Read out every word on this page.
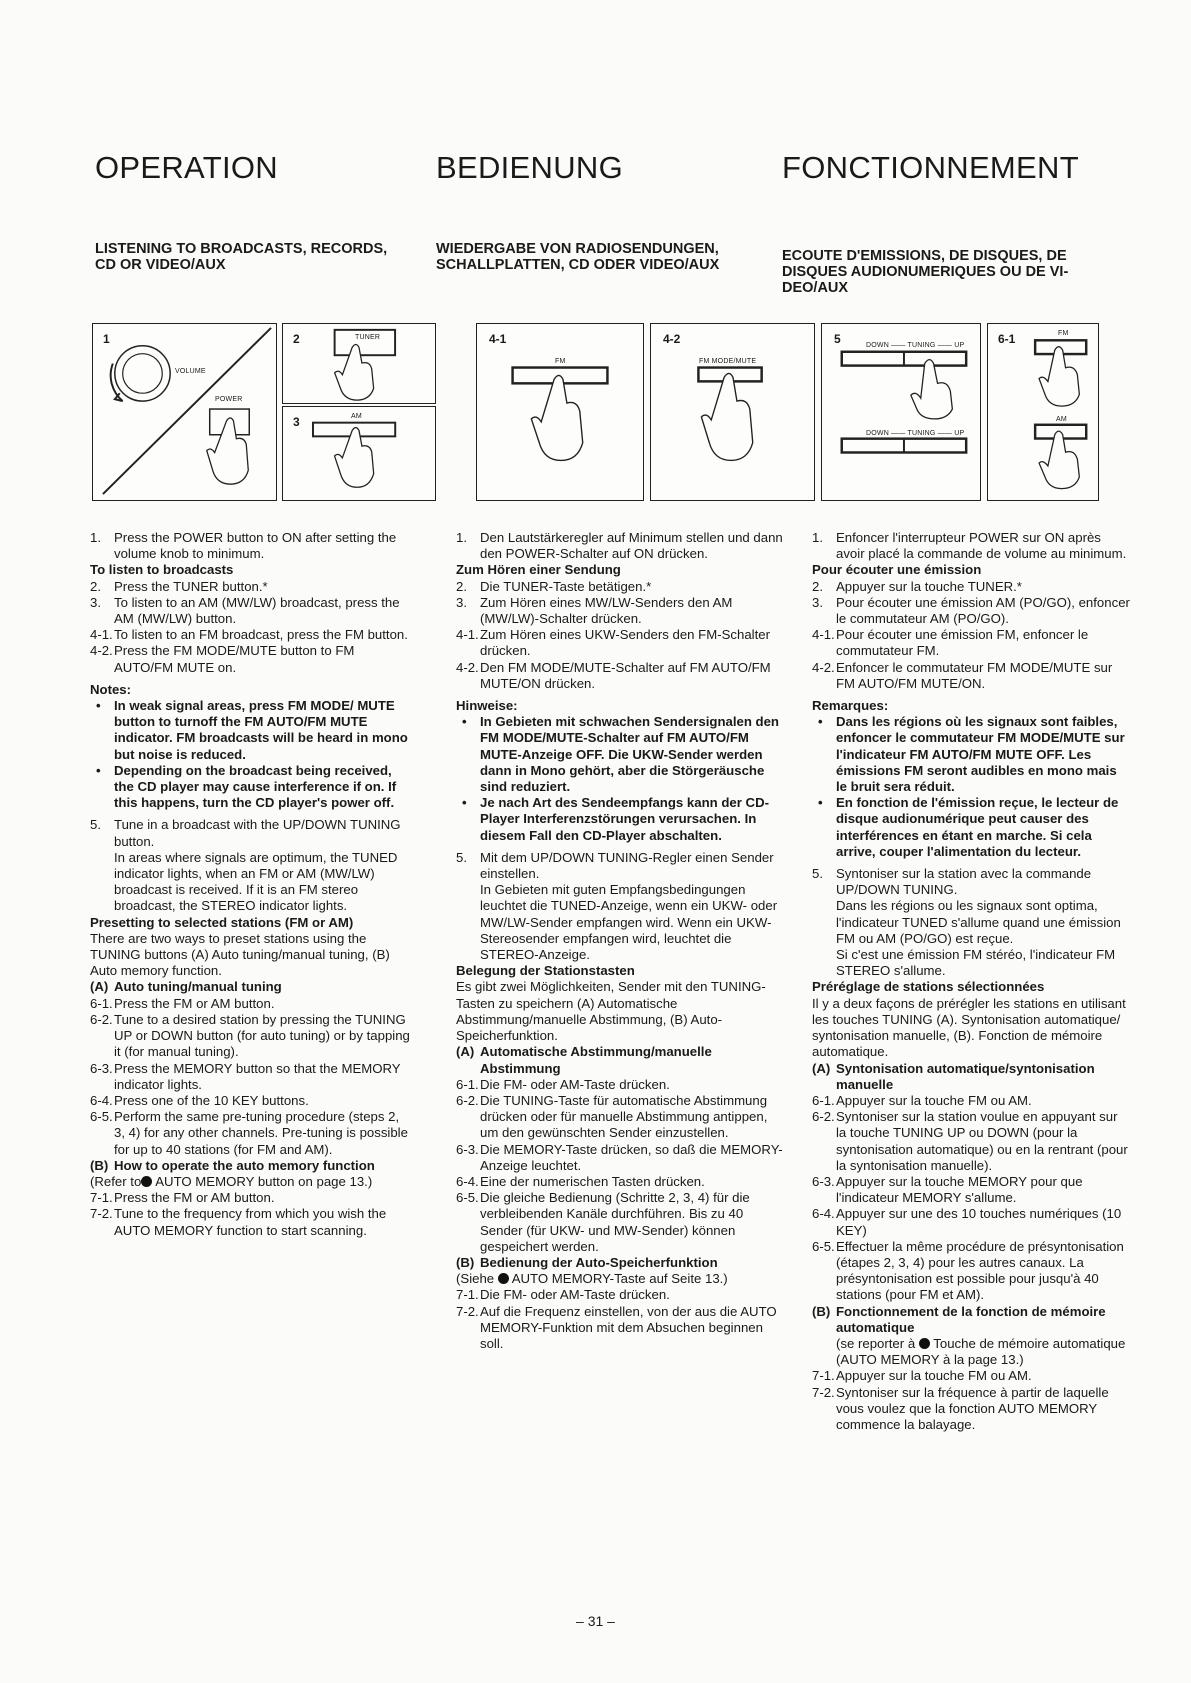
OPERATION	BEDIENUNG	FONCTIONNEMENT
LISTENING TO BROADCASTS, RECORDS,
CD OR VIDEO/AUX
WIEDERGABE VON RADIOSENDUNGEN,
SCHALLPLATTEN, CD ODER VIDEO/AUX
ECOUTE D'EMISSIONS, DE DISQUES, DE
DISQUES AUDIONUMERIQUES OU DE VI-
DEO/AUX
1
VOLUME
POWER
2	TUNER
3	AM
4-1
FM
4-2
FM MODE/MUTE
5	DOWN —— TUNING —— UP
DOWN —— TUNING —— UP
6-1	FM
AM
1. Press the POWER button to ON after setting the volume knob to minimum.
To listen to broadcasts
2. Press the TUNER button.*
3. To listen to an AM (MW/LW) broadcast, press the AM (MW/LW) button.
4-1. To listen to an FM broadcast, press the FM button.
4-2. Press the FM MODE/MUTE button to FM AUTO/FM MUTE on.
Notes:
• In weak signal areas, press FM MODE/ MUTE button to turnoff the FM AUTO/FM MUTE indicator. FM broadcasts will be heard in mono but noise is reduced.
• Depending on the broadcast being received, the CD player may cause interference if on. If this happens, turn the CD player's power off.
5. Tune in a broadcast with the UP/DOWN TUNING button.
In areas where signals are optimum, the TUNED indicator lights, when an FM or AM (MW/LW) broadcast is received. If it is an FM stereo broadcast, the STEREO indicator lights.
Presetting to selected stations (FM or AM)
There are two ways to preset stations using the TUNING buttons (A) Auto tuning/manual tuning, (B) Auto memory function.
(A) Auto tuning/manual tuning
6-1. Press the FM or AM button.
6-2. Tune to a desired station by pressing the TUNING UP or DOWN button (for auto tuning) or by tapping it (for manual tuning).
6-3. Press the MEMORY button so that the MEMORY indicator lights.
6-4. Press one of the 10 KEY buttons.
6-5. Perform the same pre-tuning procedure (steps 2, 3, 4) for any other channels. Pre-tuning is possible for up to 40 stations (for FM and AM).
(B) How to operate the auto memory function
(Refer to AUTO MEMORY button on page 13.)
7-1. Press the FM or AM button.
7-2. Tune to the frequency from which you wish the AUTO MEMORY function to start scanning.
1. Den Lautstärkeregler auf Minimum stellen und dann den POWER-Schalter auf ON drücken.
Zum Hören einer Sendung
2. Die TUNER-Taste betätigen.*
3. Zum Hören eines MW/LW-Senders den AM (MW/LW)-Schalter drücken.
4-1. Zum Hören eines UKW-Senders den FM-Schalter drücken.
4-2. Den FM MODE/MUTE-Schalter auf FM AUTO/FM MUTE/ON drücken.
Hinweise:
• In Gebieten mit schwachen Sendersignalen den FM MODE/MUTE-Schalter auf FM AUTO/FM MUTE-Anzeige OFF. Die UKW-Sender werden dann in Mono gehört, aber die Störgeräusche sind reduziert.
• Je nach Art des Sendeempfangs kann der CD-Player Interferenzstörungen verursachen. In diesem Fall den CD-Player abschalten.
5. Mit dem UP/DOWN TUNING-Regler einen Sender einstellen.
In Gebieten mit guten Empfangsbedingungen leuchtet die TUNED-Anzeige, wenn ein UKW- oder MW/LW-Sender empfangen wird. Wenn ein UKW-Stereosender empfangen wird, leuchtet die STEREO-Anzeige.
Belegung der Stationstasten
Es gibt zwei Möglichkeiten, Sender mit den TUNING-Tasten zu speichern (A) Automatische Abstimmung/manuelle Abstimmung, (B) Auto-Speicherfunktion.
(A) Automatische Abstimmung/manuelle Abstimmung
6-1. Die FM- oder AM-Taste drücken.
6-2. Die TUNING-Taste für automatische Abstimmung drücken oder für manuelle Abstimmung antippen, um den gewünschten Sender einzustellen.
6-3. Die MEMORY-Taste drücken, so daß die MEMORY-Anzeige leuchtet.
6-4. Eine der numerischen Tasten drücken.
6-5. Die gleiche Bedienung (Schritte 2, 3, 4) für die verbleibenden Kanäle durchführen. Bis zu 40 Sender (für UKW- und MW-Sender) können gespeichert werden.
(B) Bedienung der Auto-Speicherfunktion
(Siehe AUTO MEMORY-Taste auf Seite 13.)
7-1. Die FM- oder AM-Taste drücken.
7-2. Auf die Frequenz einstellen, von der aus die AUTO MEMORY-Funktion mit dem Absuchen beginnen soll.
1. Enfoncer l'interrupteur POWER sur ON après avoir placé la commande de volume au minimum.
Pour écouter une émission
2. Appuyer sur la touche TUNER.*
3. Pour écouter une émission AM (PO/GO), enfoncer le commutateur AM (PO/GO).
4-1. Pour écouter une émission FM, enfoncer le commutateur FM.
4-2. Enfoncer le commutateur FM MODE/MUTE sur FM AUTO/FM MUTE/ON.
Remarques:
• Dans les régions où les signaux sont faibles, enfoncer le commutateur FM MODE/MUTE sur l'indicateur FM AUTO/FM MUTE OFF. Les émissions FM seront audibles en mono mais le bruit sera réduit.
• En fonction de l'émission reçue, le lecteur de disque audionumérique peut causer des interférences en étant en marche. Si cela arrive, couper l'alimentation du lecteur.
5. Syntoniser sur la station avec la commande UP/DOWN TUNING.
Dans les régions ou les signaux sont optima, l'indicateur TUNED s'allume quand une émission FM ou AM (PO/GO) est reçue.
Si c'est une émission FM stéréo, l'indicateur FM STEREO s'allume.
Préréglage de stations sélectionnées
Il y a deux façons de prérégler les stations en utilisant les touches TUNING (A). Syntonisation automatique/ syntonisation manuelle, (B). Fonction de mémoire automatique.
(A) Syntonisation automatique/syntonisation manuelle
6-1. Appuyer sur la touche FM ou AM.
6-2. Syntoniser sur la station voulue en appuyant sur la touche TUNING UP ou DOWN (pour la syntonisation automatique) ou en la rentrant (pour la syntonisation manuelle).
6-3. Appuyer sur la touche MEMORY pour que l'indicateur MEMORY s'allume.
6-4. Appuyer sur une des 10 touches numériques (10 KEY)
6-5. Effectuer la même procédure de présyntonisation (étapes 2, 3, 4) pour les autres canaux. La présyntonisation est possible pour jusqu'à 40 stations (pour FM et AM).
(B) Fonctionnement de la fonction de mémoire automatique
(se reporter à Touche de mémoire automatique (AUTO MEMORY à la page 13.)
7-1. Appuyer sur la touche FM ou AM.
7-2. Syntoniser sur la fréquence à partir de laquelle vous voulez que la fonction AUTO MEMORY commence la balayage.
– 31 –
